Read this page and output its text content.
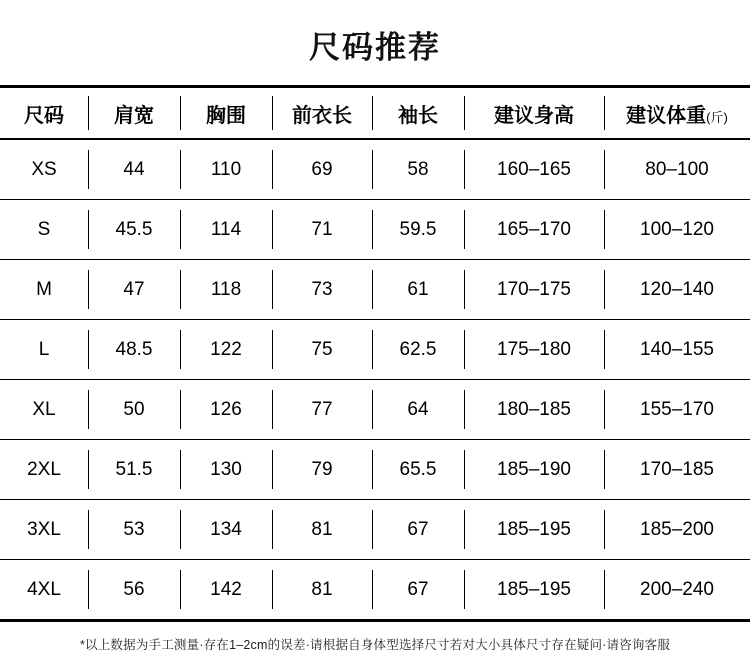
尺码推荐
尺码	肩宽	胸围	前衣长	袖长	建议身高	建议体重(斤)
XS	44	110	69	58	160–165	80–100
S	45.5	114	71	59.5	165–170	100–120
M	47	118	73	61	170–175	120–140
L	48.5	122	75	62.5	175–180	140–155
XL	50	126	77	64	180–185	155–170
2XL	51.5	130	79	65.5	185–190	170–185
3XL	53	134	81	67	185–195	185–200
4XL	56	142	81	67	185–195	200–240
*以上数据为手工测量·存在1–2cm的误差·请根据自身体型选择尺寸若对大小具体尺寸存在疑问·请咨询客服
